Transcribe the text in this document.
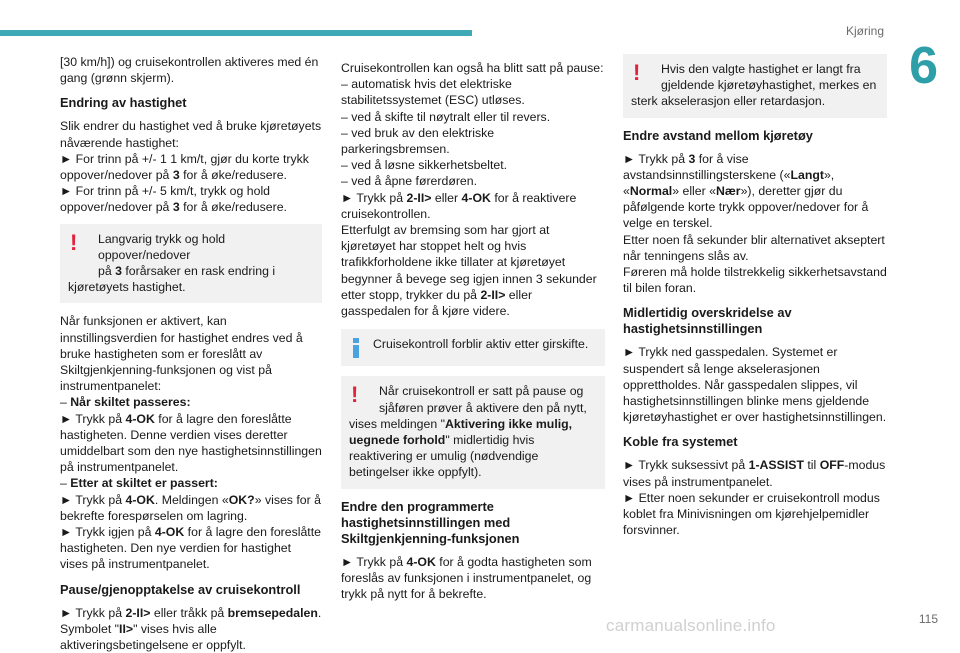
Kjøring
6

[30 km/h]) og cruisekontrollen aktiveres med én gang (grønn skjerm).

Endring av hastighet

Slik endrer du hastighet ved å bruke kjøretøyets nåværende hastighet:

► For trinn på +/- 1 1 km/t, gjør du korte trykk oppover/nedover på 3 for å øke/redusere.

► For trinn på +/- 5 km/t, trykk og hold oppover/nedover på 3 for å øke/redusere.

!	Langvarig trykk og hold oppover/nedover

på 3 forårsaker en rask endring i

kjøretøyets hastighet.

Når funksjonen er aktivert, kan innstillingsverdien for hastighet endres ved å bruke hastigheten som er foreslått av Skiltgjenkjenning-funksjonen og vist på instrumentpanelet:

– Når skiltet passeres:

► Trykk på 4-OK for å lagre den foreslåtte hastigheten. Denne verdien vises deretter umiddelbart som den nye hastighetsinnstillingen på instrumentpanelet.

– Etter at skiltet er passert:

► Trykk på 4-OK. Meldingen «OK?» vises for å bekrefte forespørselen om lagring.

► Trykk igjen på 4-OK for å lagre den foreslåtte hastigheten. Den nye verdien for hastighet vises på instrumentpanelet.

Pause/gjenopptakelse av cruisekontroll

► Trykk på 2-II> eller tråkk på bremsepedalen. Symbolet "II>" vises hvis alle aktiveringsbetingelsene er oppfylt.

Cruisekontrollen kan også ha blitt satt på pause:

– automatisk hvis det elektriske stabilitetssystemet (ESC) utløses.

– ved å skifte til nøytralt eller til revers.

– ved bruk av den elektriske parkeringsbremsen.

– ved å løsne sikkerhetsbeltet.

– ved å åpne førerdøren.

► Trykk på 2-II> eller 4-OK for å reaktivere cruisekontrollen.

Etterfulgt av bremsing som har gjort at kjøretøyet har stoppet helt og hvis trafikkforholdene ikke tillater at kjøretøyet begynner å bevege seg igjen innen 3 sekunder etter stopp, trykker du på 2-II> eller gasspedalen for å kjøre videre.

Cruisekontroll forblir aktiv etter girskifte.

!	Når cruisekontroll er satt på pause og

sjåføren prøver å aktivere den på nytt,

vises meldingen "Aktivering ikke mulig, uegnede forhold" midlertidig hvis reaktivering er umulig (nødvendige betingelser ikke oppfylt).

Endre den programmerte hastighetsinnstillingen med Skiltgjenkjenning-funksjonen

► Trykk på 4-OK for å godta hastigheten som foreslås av funksjonen i instrumentpanelet, og trykk på nytt for å bekrefte.

!	Hvis den valgte hastighet er langt fra

gjeldende kjøretøyhastighet, merkes en

sterk akselerasjon eller retardasjon.

Endre avstand mellom kjøretøy

► Trykk på 3 for å vise avstandsinnstillingsterskene («Langt», «Normal» eller «Nær»), deretter gjør du påfølgende korte trykk oppover/nedover for å velge en terskel.

Etter noen få sekunder blir alternativet akseptert når tenningens slås av.

Føreren må holde tilstrekkelig sikkerhetsavstand til bilen foran.

Midlertidig overskridelse av hastighetsinnstillingen

► Trykk ned gasspedalen. Systemet er suspendert så lenge akselerasjonen opprettholdes. Når gasspedalen slippes, vil hastighetsinnstillingen blinke mens gjeldende kjøretøyhastighet er over hastighetsinnstillingen.

Koble fra systemet

► Trykk suksessivt på 1-ASSIST til OFF-modus vises på instrumentpanelet.

► Etter noen sekunder er cruisekontroll modus koblet fra Minivisningen om kjørehjelpemidler forsvinner.

carmanualsonline.info	115
